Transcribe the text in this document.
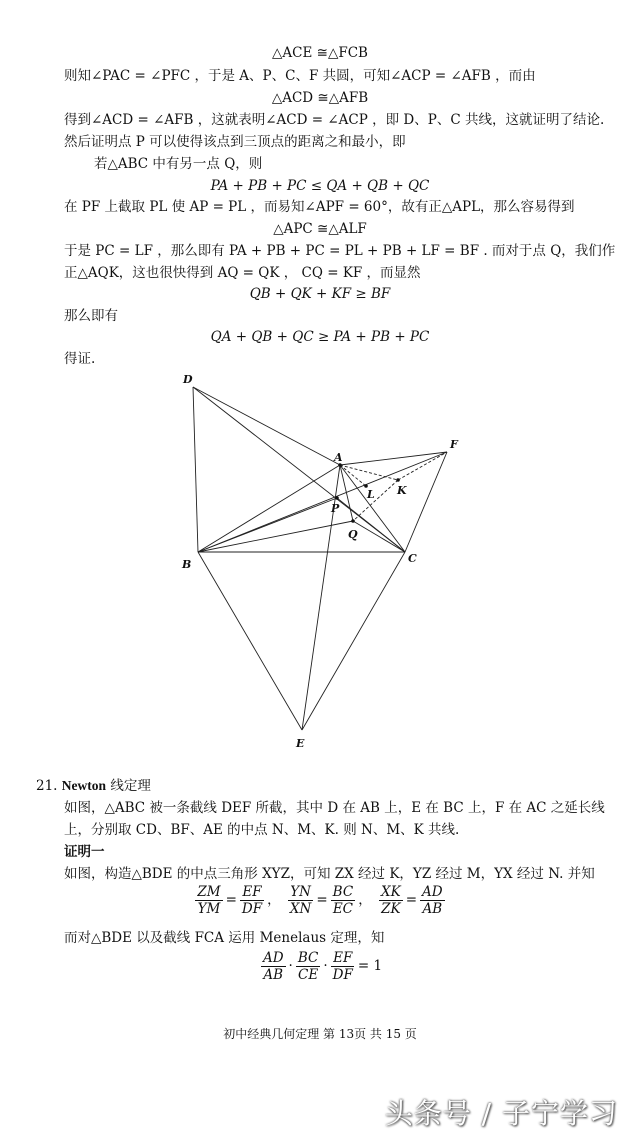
△ACE ≅△FCB
则知∠PAC = ∠PFC ，于是 A、P、C、F 共圆，可知∠ACP = ∠AFB ，而由
△ACD ≅△AFB
得到∠ACD = ∠AFB ，这就表明∠ACD = ∠ACP ，即 D、P、C 共线，这就证明了结论.
然后证明点 P 可以使得该点到三顶点的距离之和最小，即
若△ABC 中有另一点 Q，则
PA + PB + PC ≤ QA + QB + QC
在 PF 上截取 PL 使 AP = PL ，而易知∠APF = 60°，故有正△APL，那么容易得到
△APC ≅△ALF
于是 PC = LF ，那么即有 PA + PB + PC = PL + PB + LF = BF . 而对于点 Q，我们作
正△AQK，这也很快得到 AQ = QK ， CQ = KF ，而显然
QB + QK + KF ≥ BF
那么即有
QA + QB + QC ≥ PA + PB + PC
得证.
D
A
F
L K
P
Q
B	C
E
21. Newton 线定理
如图，△ABC 被一条截线 DEF 所截，其中 D 在 AB 上，E 在 BC 上，F 在 AC 之延长线
上，分别取 CD、BF、AE 的中点 N、M、K. 则 N、M、K 共线.
证明一
如图，构造△BDE 的中点三角形 XYZ，可知 ZX 经过 K，YZ 经过 M，YX 经过 N. 并知
$\frac{ZM}{YM} = \frac{EF}{DF}$ ， $\frac{YN}{XN} = \frac{BC}{EC}$ ， $\frac{XK}{ZK} = \frac{AD}{AB}$
而对△BDE 以及截线 FCA 运用 Menelaus 定理，知
$\frac{AD}{AB} \cdot \frac{BC}{CE} \cdot \frac{EF}{DF} = 1$
初中经典几何定理 第 13页 共 15 页
头条号 / 子宁学习
